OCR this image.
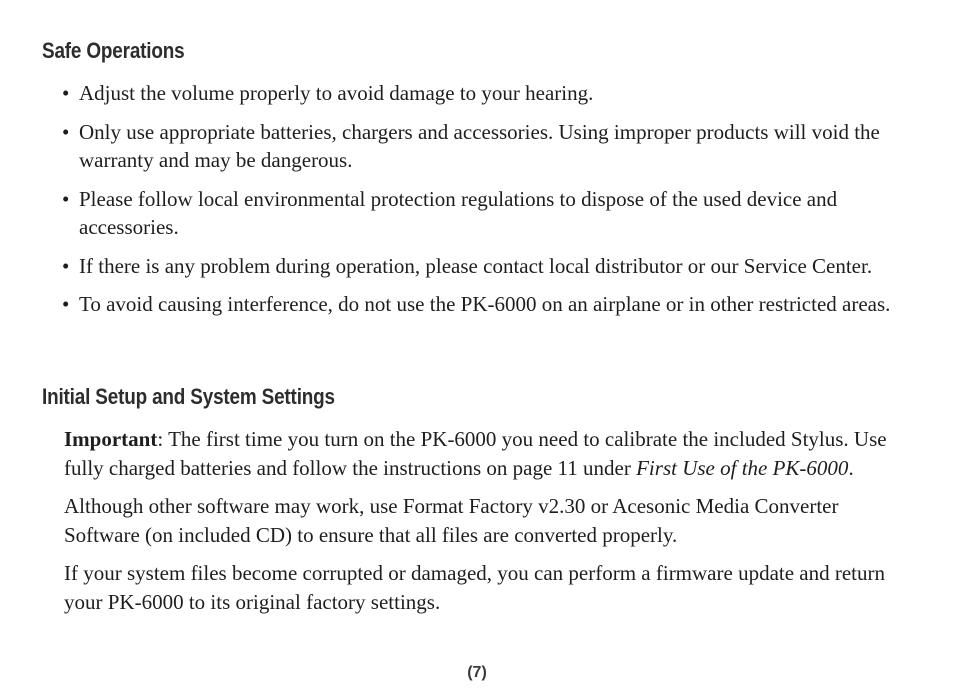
Safe Operations
• Adjust the volume properly to avoid damage to your hearing.
• Only use appropriate batteries, chargers and accessories. Using improper products will void the warranty and may be dangerous.
• Please follow local environmental protection regulations to dispose of the used device and accessories.
• If there is any problem during operation, please contact local distributor or our Service Center.
• To avoid causing interference, do not use the PK-6000 on an airplane or in other restricted areas.
Initial Setup and System Settings

Important: The first time you turn on the PK-6000 you need to calibrate the included Stylus. Use fully charged batteries and follow the instructions on page 11 under First Use of the PK-6000.

Although other software may work, use Format Factory v2.30 or Acesonic Media Converter Software (on included CD) to ensure that all files are converted properly.

If your system files become corrupted or damaged, you can perform a firmware update and return your PK-6000 to its original factory settings.

(7)
